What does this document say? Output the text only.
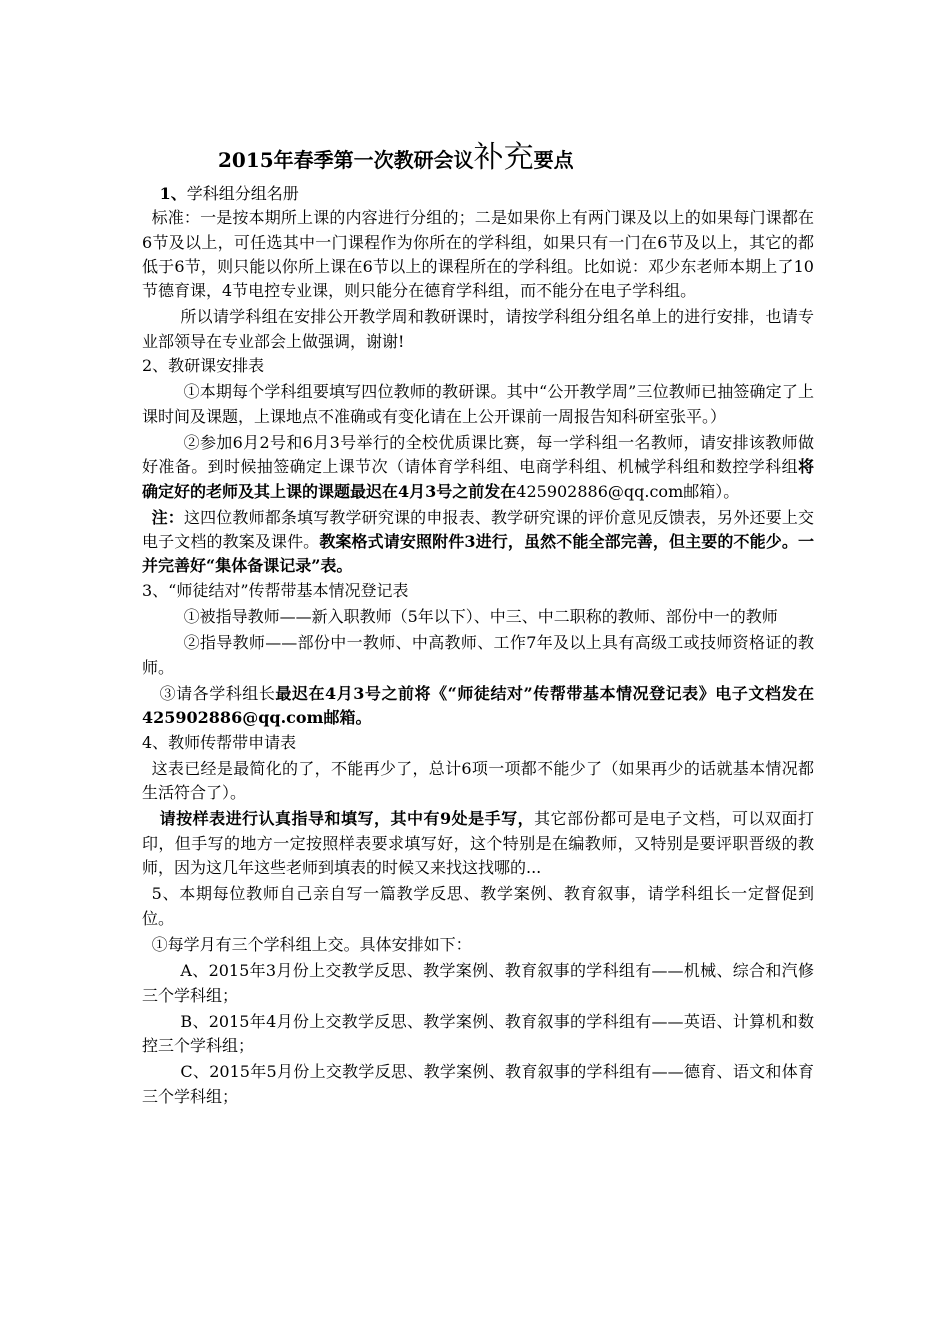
2015年春季第一次教研会议补充要点

1、学科组分组名册

标准：一是按本期所上课的内容进行分组的；二是如果你上有两门课及以上的如果每门课都在6节及以上，可任选其中一门课程作为你所在的学科组，如果只有一门在6节及以上，其它的都低于6节，则只能以你所上课在6节以上的课程所在的学科组。比如说：邓少东老师本期上了10节德育课，4节电控专业课，则只能分在德育学科组，而不能分在电子学科组。

所以请学科组在安排公开教学周和教研课时，请按学科组分组名单上的进行安排，也请专业部领导在专业部会上做强调，谢谢!

2、教研课安排表

①本期每个学科组要填写四位教师的教研课。其中“公开教学周”三位教师已抽签确定了上课时间及课题，上课地点不准确或有变化请在上公开课前一周报告知科研室张平。）

②参加6月2号和6月3号举行的全校优质课比赛，每一学科组一名教师，请安排该教师做好准备。到时候抽签确定上课节次（请体育学科组、电商学科组、机械学科组和数控学科组将确定好的老师及其上课的课题最迟在4月3号之前发在425902886@qq.com邮箱）。

注：这四位教师都条填写教学研究课的申报表、教学研究课的评价意见反馈表，另外还要上交电子文档的教案及课件。教案格式请安照附件3进行，虽然不能全部完善，但主要的不能少。一并完善好“集体备课记录”表。

3、“师徒结对”传帮带基本情况登记表

①被指导教师——新入职教师（5年以下）、中三、中二职称的教师、部份中一的教师

②指导教师——部份中一教师、中高教师、工作7年及以上具有高级工或技师资格证的教师。

③请各学科组长最迟在4月3号之前将《“师徒结对”传帮带基本情况登记表》电子文档发在425902886@qq.com邮箱。

4、教师传帮带申请表

这表已经是最简化的了，不能再少了，总计6项一项都不能少了（如果再少的话就基本情况都生活符合了）。

请按样表进行认真指导和填写，其中有9处是手写，其它部份都可是电子文档，可以双面打印，但手写的地方一定按照样表要求填写好，这个特别是在编教师，又特别是要评职晋级的教师，因为这几年这些老师到填表的时候又来找这找哪的...

5、本期每位教师自己亲自写一篇教学反思、教学案例、教育叙事，请学科组长一定督促到位。

①每学月有三个学科组上交。具体安排如下：

A、2015年3月份上交教学反思、教学案例、教育叙事的学科组有——机械、综合和汽修三个学科组；

B、2015年4月份上交教学反思、教学案例、教育叙事的学科组有——英语、计算机和数控三个学科组；

C、2015年5月份上交教学反思、教学案例、教育叙事的学科组有——德育、语文和体育三个学科组；
